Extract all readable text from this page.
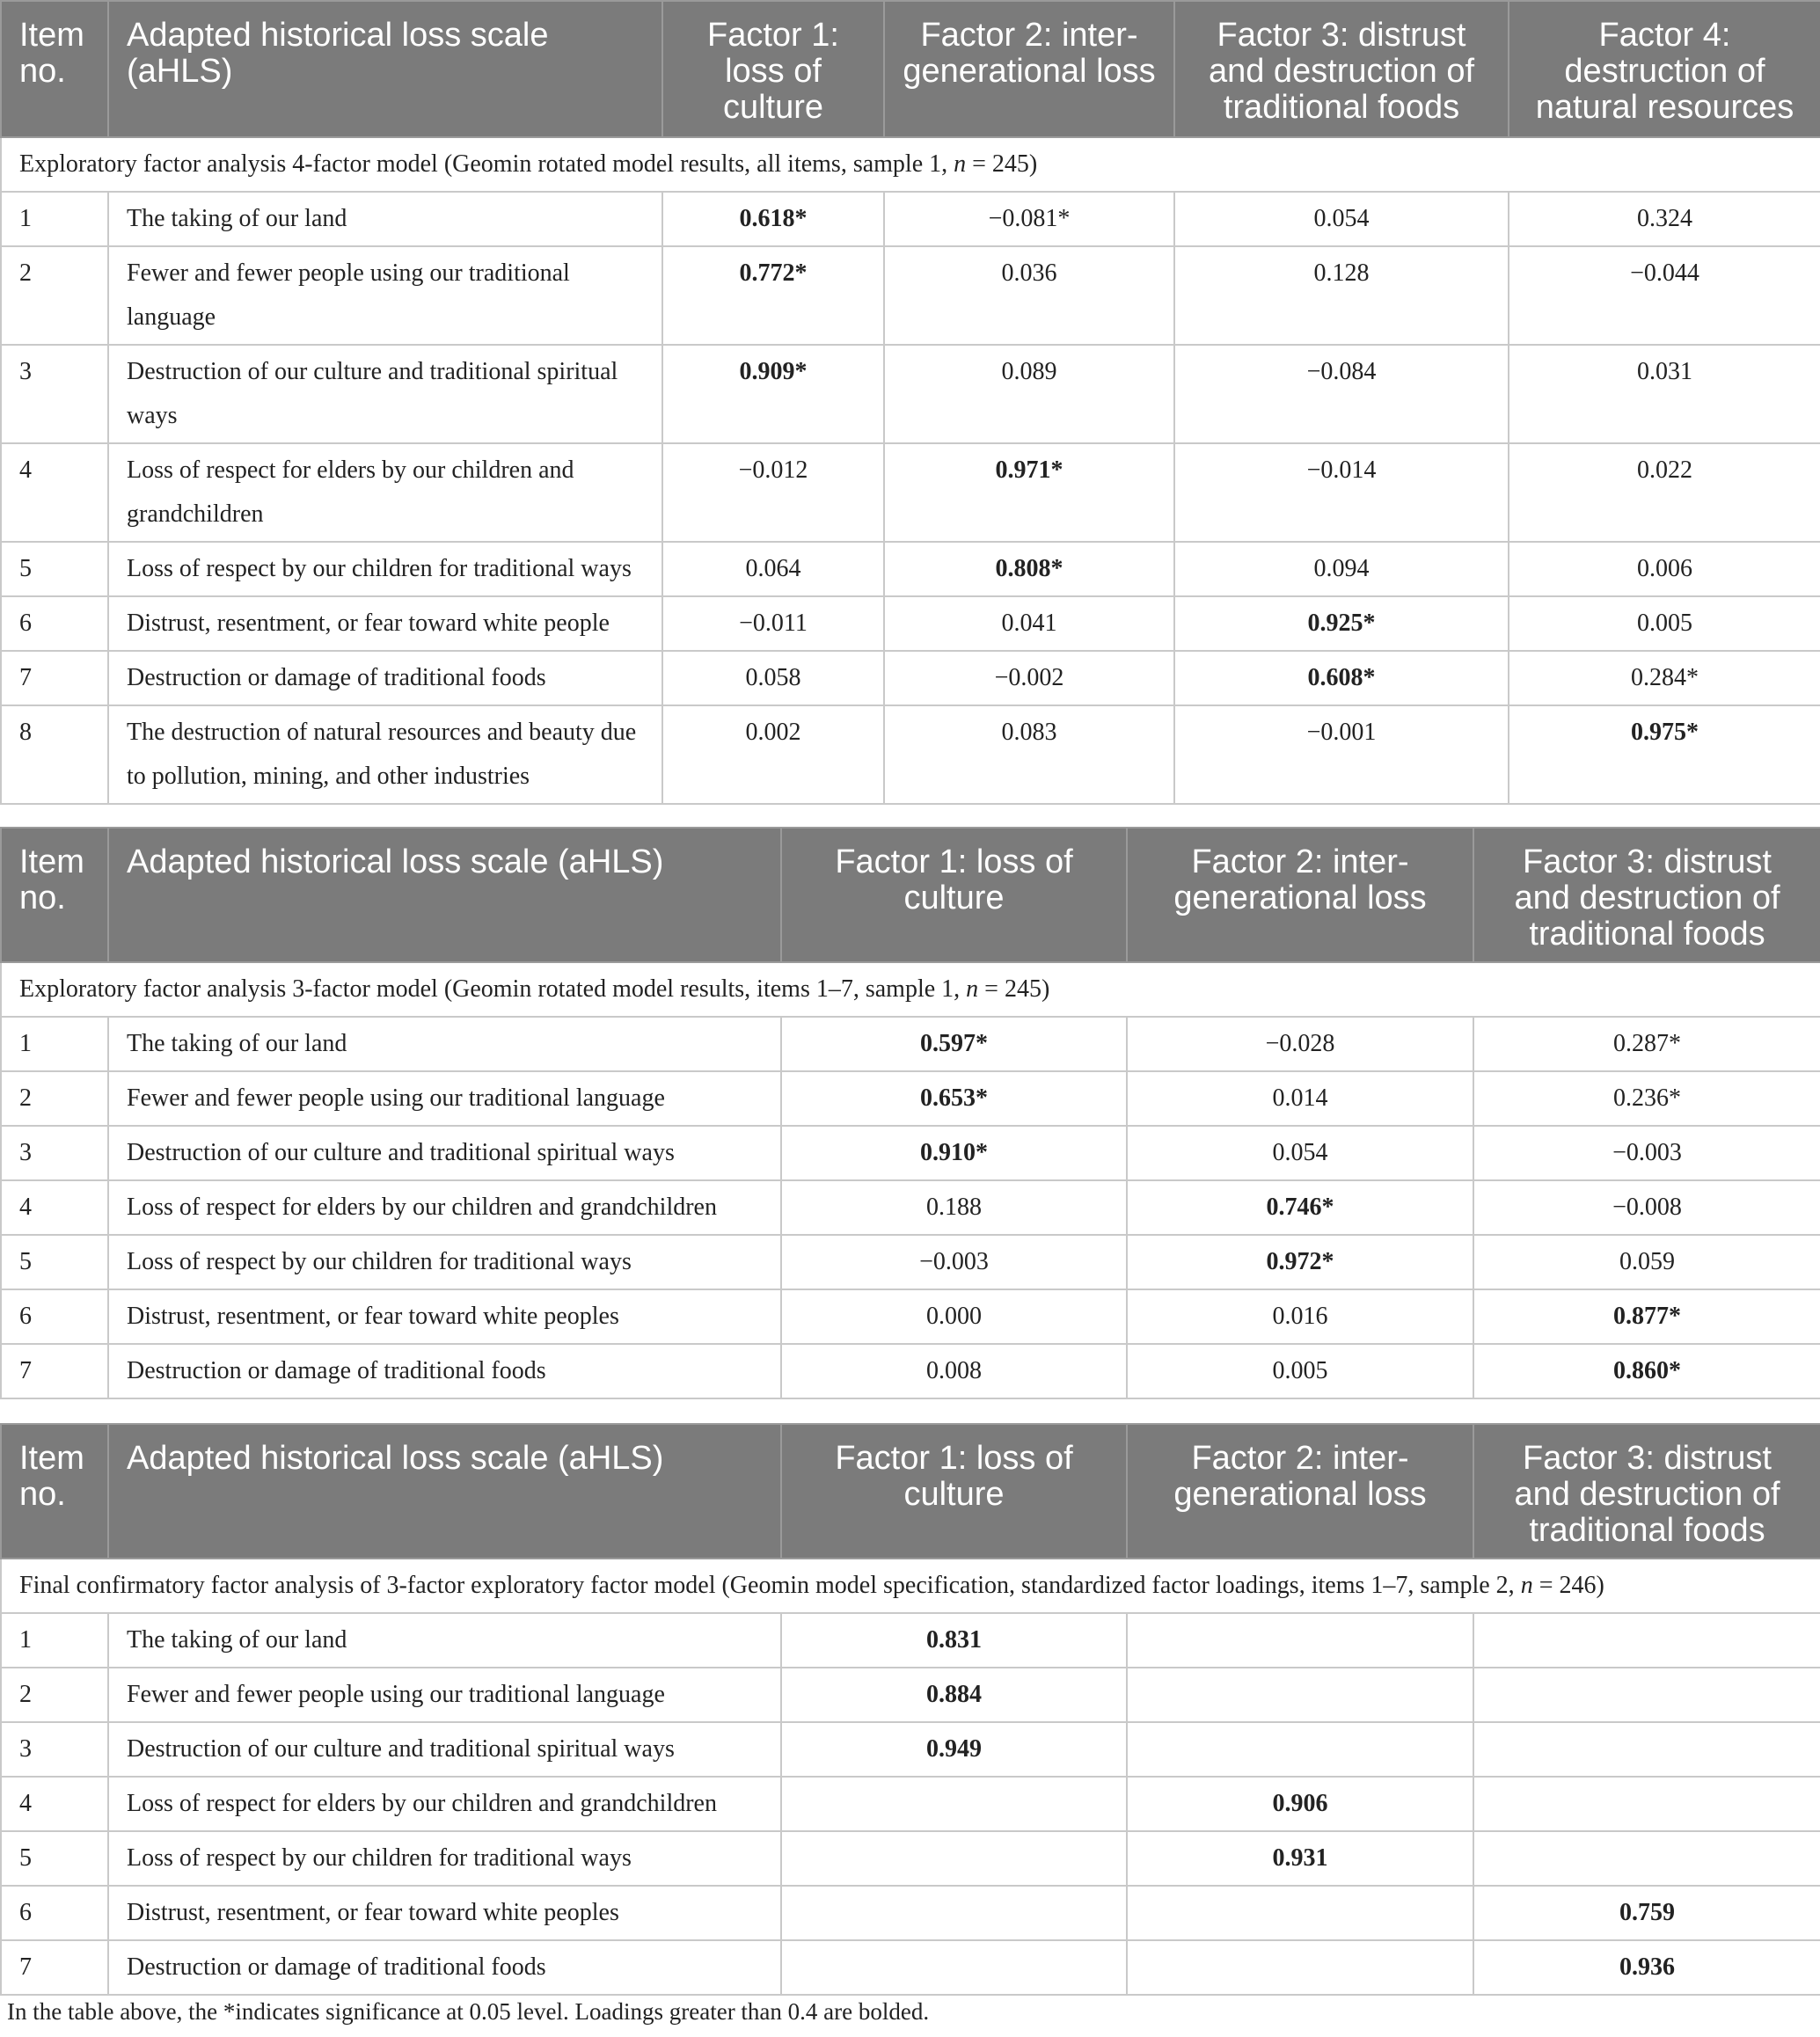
Item no.	Adapted historical loss scale (aHLS)	Factor 1: loss of culture	Factor 2: inter-generational loss	Factor 3: distrust and destruction of traditional foods	Factor 4: destruction of natural resources
Exploratory factor analysis 4-factor model (Geomin rotated model results, all items, sample 1, n = 245)					
1	The taking of our land	0.618*	−0.081*	0.054	0.324
2	Fewer and fewer people using our traditional language	0.772*	0.036	0.128	−0.044
3	Destruction of our culture and traditional spiritual ways	0.909*	0.089	−0.084	0.031
4	Loss of respect for elders by our children and grandchildren	−0.012	0.971*	−0.014	0.022
5	Loss of respect by our children for traditional ways	0.064	0.808*	0.094	0.006
6	Distrust, resentment, or fear toward white people	−0.011	0.041	0.925*	0.005
7	Destruction or damage of traditional foods	0.058	−0.002	0.608*	0.284*
8	The destruction of natural resources and beauty due to pollution, mining, and other industries	0.002	0.083	−0.001	0.975*
Item no.	Adapted historical loss scale (aHLS)	Factor 1: loss of culture	Factor 2: inter-generational loss	Factor 3: distrust and destruction of traditional foods
Exploratory factor analysis 3-factor model (Geomin rotated model results, items 1–7, sample 1, n = 245)				
1	The taking of our land	0.597*	−0.028	0.287*
2	Fewer and fewer people using our traditional language	0.653*	0.014	0.236*
3	Destruction of our culture and traditional spiritual ways	0.910*	0.054	−0.003
4	Loss of respect for elders by our children and grandchildren	0.188	0.746*	−0.008
5	Loss of respect by our children for traditional ways	−0.003	0.972*	0.059
6	Distrust, resentment, or fear toward white peoples	0.000	0.016	0.877*
7	Destruction or damage of traditional foods	0.008	0.005	0.860*
Item no.	Adapted historical loss scale (aHLS)	Factor 1: loss of culture	Factor 2: inter-generational loss	Factor 3: distrust and destruction of traditional foods
Final confirmatory factor analysis of 3-factor exploratory factor model (Geomin model specification, standardized factor loadings, items 1–7, sample 2, n = 246)				
1	The taking of our land	0.831		
2	Fewer and fewer people using our traditional language	0.884		
3	Destruction of our culture and traditional spiritual ways	0.949		
4	Loss of respect for elders by our children and grandchildren		0.906	
5	Loss of respect by our children for traditional ways		0.931	
6	Distrust, resentment, or fear toward white peoples			0.759
7	Destruction or damage of traditional foods			0.936
In the table above, the *indicates significance at 0.05 level. Loadings greater than 0.4 are bolded.
